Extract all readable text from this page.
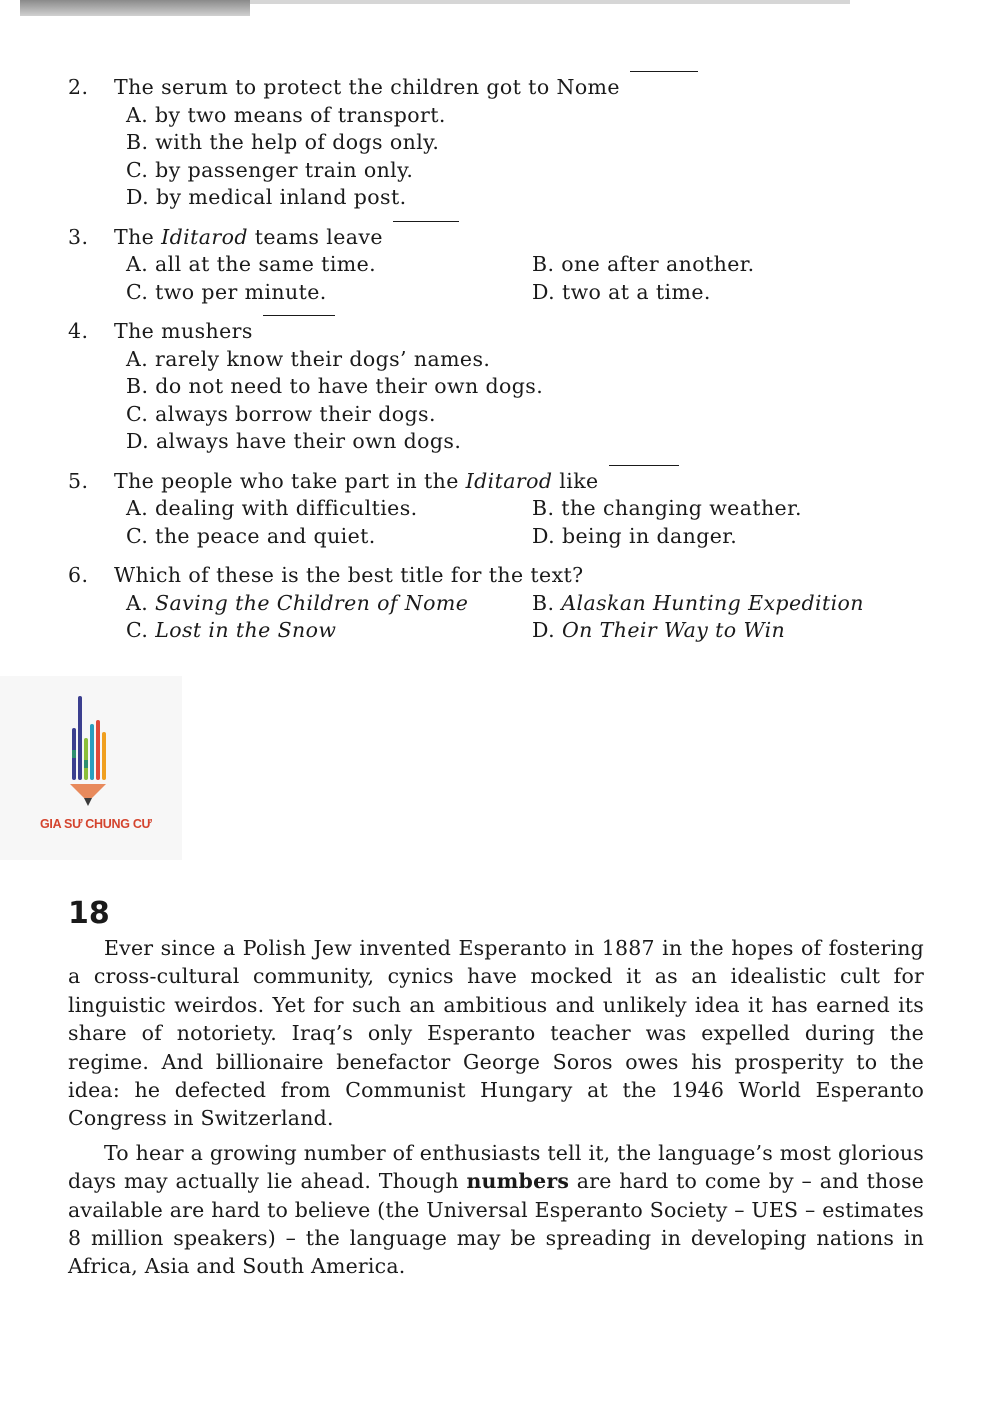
2.	The serum to protect the children got to Nome
A. by two means of transport.
B. with the help of dogs only.
C. by passenger train only.
D. by medical inland post.
3.	The Iditarod teams leave
A. all at the same time.	B. one after another.
C. two per minute.	D. two at a time.
4.	The mushers
A. rarely know their dogs’ names.
B. do not need to have their own dogs.
C. always borrow their dogs.
D. always have their own dogs.
5.	The people who take part in the Iditarod like
A. dealing with difficulties.	B. the changing weather.
C. the peace and quiet.	D. being in danger.
6.	Which of these is the best title for the text?
A. Saving the Children of Nome	B. Alaskan Hunting Expedition
C. Lost in the Snow	D. On Their Way to Win
GIA SƯ CHUNG CƯ
18

Ever since a Polish Jew invented Esperanto in 1887 in the hopes of fostering a cross-cultural community, cynics have mocked it as an idealistic cult for linguistic weirdos. Yet for such an ambitious and unlikely idea it has earned its share of notoriety. Iraq’s only Esperanto teacher was expelled during the regime. And billionaire benefactor George Soros owes his prosperity to the idea: he defected from Communist Hungary at the 1946 World Esperanto Congress in Switzerland.

To hear a growing number of enthusiasts tell it, the language’s most glorious days may actually lie ahead. Though numbers are hard to come by – and those available are hard to believe (the Universal Esperanto Society – UES – estimates 8 million speakers) – the language may be spreading in developing nations in Africa, Asia and South America.
